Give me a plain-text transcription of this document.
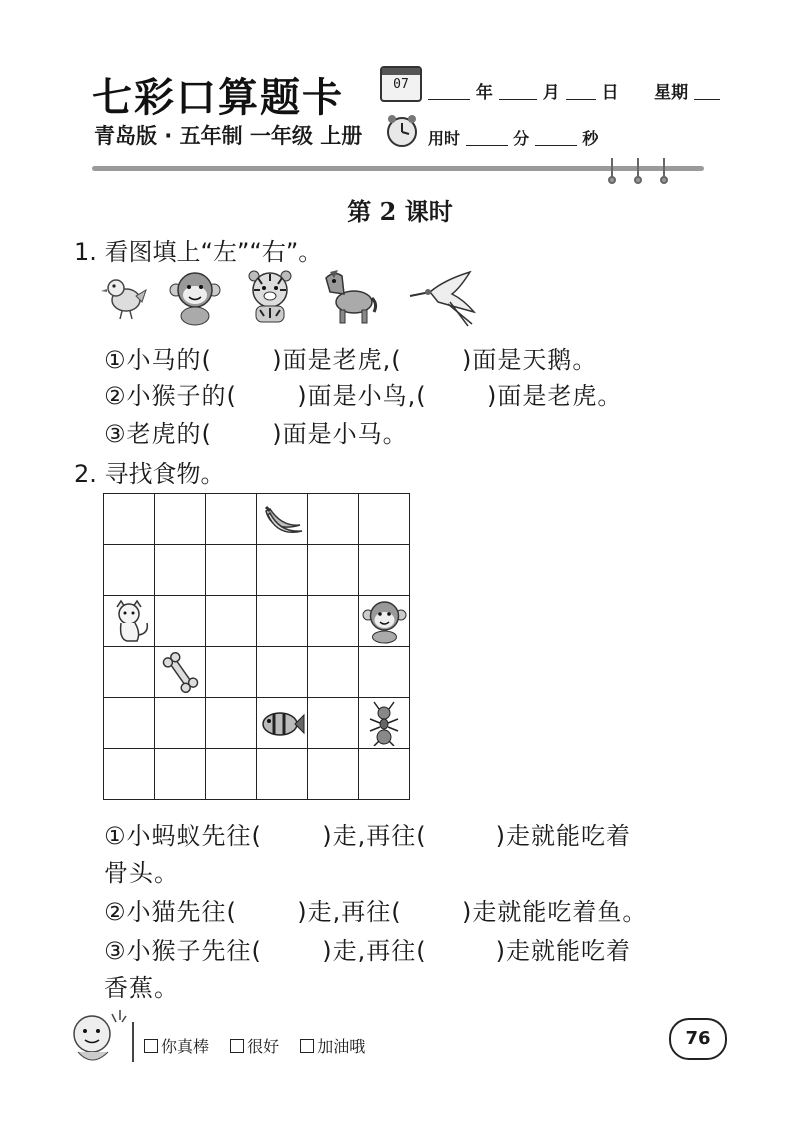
七彩口算题卡	07	年	月 日 星期
青岛版 · 五年制 一年级 上册	用时	分	秒
第 2 课时
1. 看图填上“左”“右”。
①小马的(       )面是老虎,(       )面是天鹅。
②小猴子的(       )面是小鸟,(       )面是老虎。
③老虎的(       )面是小马。
2. 寻找食物。

①小蚂蚁先往(       )走,再往(        )走就能吃着
骨头。
②小猫先往(       )走,再往(       )走就能吃着鱼。
③小猴子先往(       )走,再往(        )走就能吃着
香蕉。
你真棒 很好 加油哦	76
